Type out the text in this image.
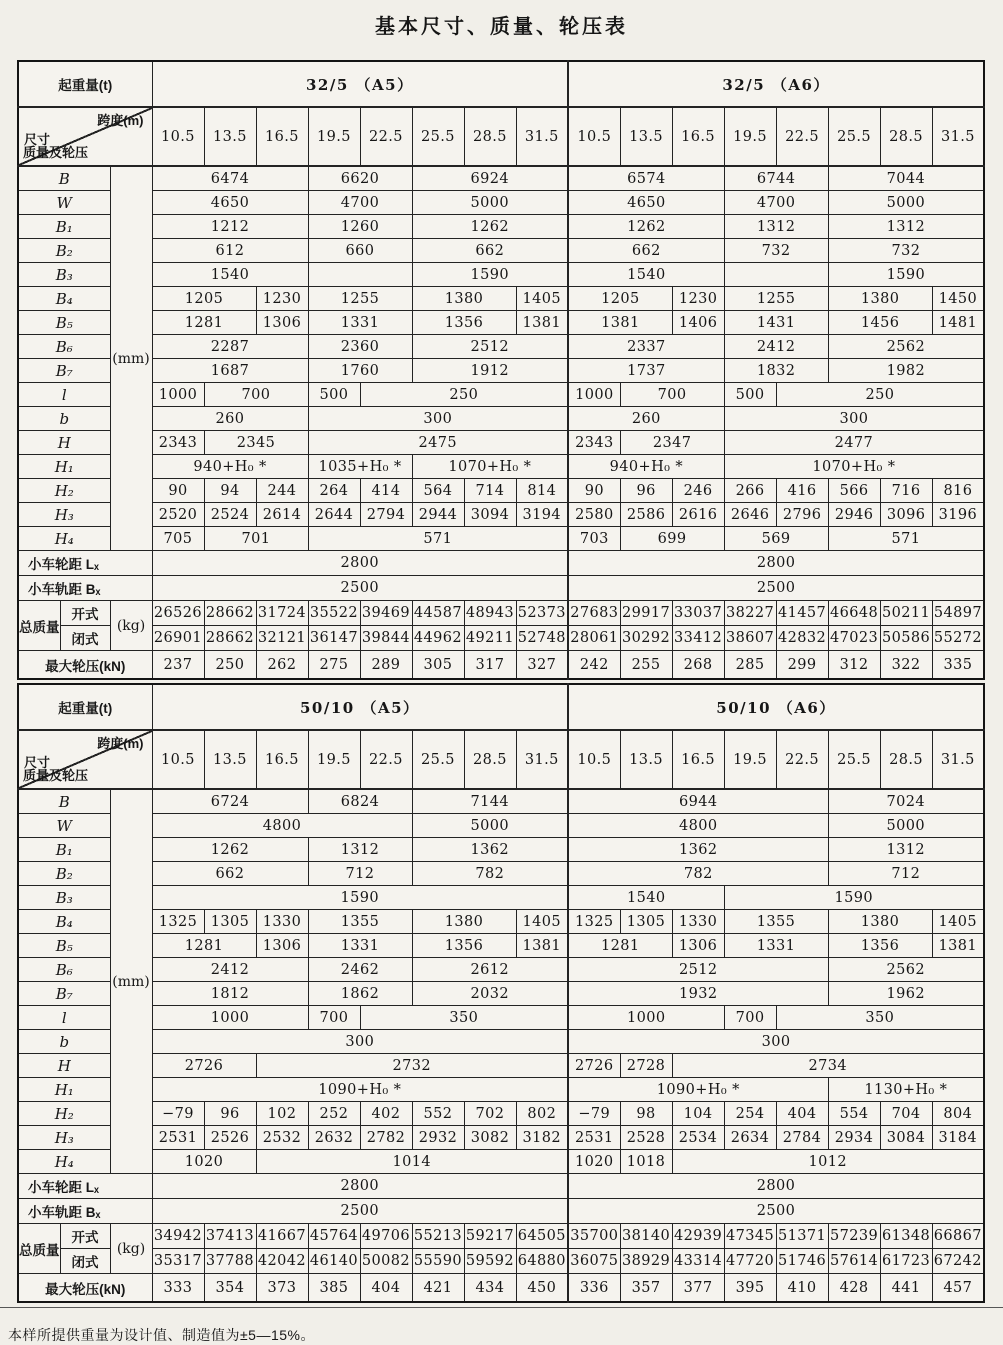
基本尺寸、质量、轮压表
起重量(t)			32/5 （A5）								32/5 （A6）							

跨度(m)
尺寸
质量及轮压			10.5	13.5	16.5	19.5	22.5	25.5	28.5	31.5	10.5	13.5	16.5	19.5	22.5	25.5	28.5	31.5
B		(mm)	6474			6620		6924			6574			6744		7044		
W			4650			4700		5000			4650			4700		5000		
B₁			1212			1260		1262			1262			1312		1312		
B₂			612			660		662			662			732		732		
B₃			1540					1590			1540					1590		
B₄			1205		1230	1255		1380		1405	1205		1230	1255		1380		1450
B₅			1281		1306	1331		1356		1381	1381		1406	1431		1456		1481
B₆			2287			2360		2512			2337			2412		2562		
B₇			1687			1760		1912			1737			1832		1982		
l			1000	700		500	250				1000	700		500	250			
b			260			300					260			300				
H			2343	2345		2475					2343	2347		2477				
H₁			940+H₀ *			1035+H₀ *		1070+H₀ *			940+H₀ *			1070+H₀ *				
H₂			90	94	244	264	414	564	714	814	90	96	246	266	416	566	716	816
H₃			2520	2524	2614	2644	2794	2944	3094	3194	2580	2586	2616	2646	2796	2946	3096	3196
H₄			705	701		571					703	699		569		571		
小车轮距 Lₓ			2800								2800							
小车轨距 Bₓ			2500								2500							
总质量	开式	(kg)	26526	28662	31724	35522	39469	44587	48943	52373	27683	29917	33037	38227	41457	46648	50211	54897
	闭式		26901	28662	32121	36147	39844	44962	49211	52748	28061	30292	33412	38607	42832	47023	50586	55272
最大轮压(kN)			237	250	262	275	289	305	317	327	242	255	268	285	299	312	322	335
起重量(t)			50/10 （A5）								50/10 （A6）							

跨度(m)
尺寸
质量及轮压			10.5	13.5	16.5	19.5	22.5	25.5	28.5	31.5	10.5	13.5	16.5	19.5	22.5	25.5	28.5	31.5
B		(mm)	6724			6824		7144			6944					7024		
W			4800					5000			4800					5000		
B₁			1262			1312		1362			1362					1312		
B₂			662			712		782			782					712		
B₃			1590								1540			1590				
B₄			1325	1305	1330	1355		1380		1405	1325	1305	1330	1355		1380		1405
B₅			1281		1306	1331		1356		1381	1281		1306	1331		1356		1381
B₆			2412			2462		2612			2512					2562		
B₇			1812			1862		2032			1932					1962		
l			1000			700	350				1000			700	350			
b			300								300							
H			2726		2732						2726	2728	2734					
H₁			1090+H₀ *								1090+H₀ *					1130+H₀ *		
H₂			−79	96	102	252	402	552	702	802	−79	98	104	254	404	554	704	804
H₃			2531	2526	2532	2632	2782	2932	3082	3182	2531	2528	2534	2634	2784	2934	3084	3184
H₄			1020		1014						1020	1018	1012					
小车轮距 Lₓ			2800								2800							
小车轨距 Bₓ			2500								2500							
总质量	开式	(kg)	34942	37413	41667	45764	49706	55213	59217	64505	35700	38140	42939	47345	51371	57239	61348	66867
	闭式		35317	37788	42042	46140	50082	55590	59592	64880	36075	38929	43314	47720	51746	57614	61723	67242
最大轮压(kN)			333	354	373	385	404	421	434	450	336	357	377	395	410	428	441	457
本样所提供重量为设计值、制造值为±5—15%。
